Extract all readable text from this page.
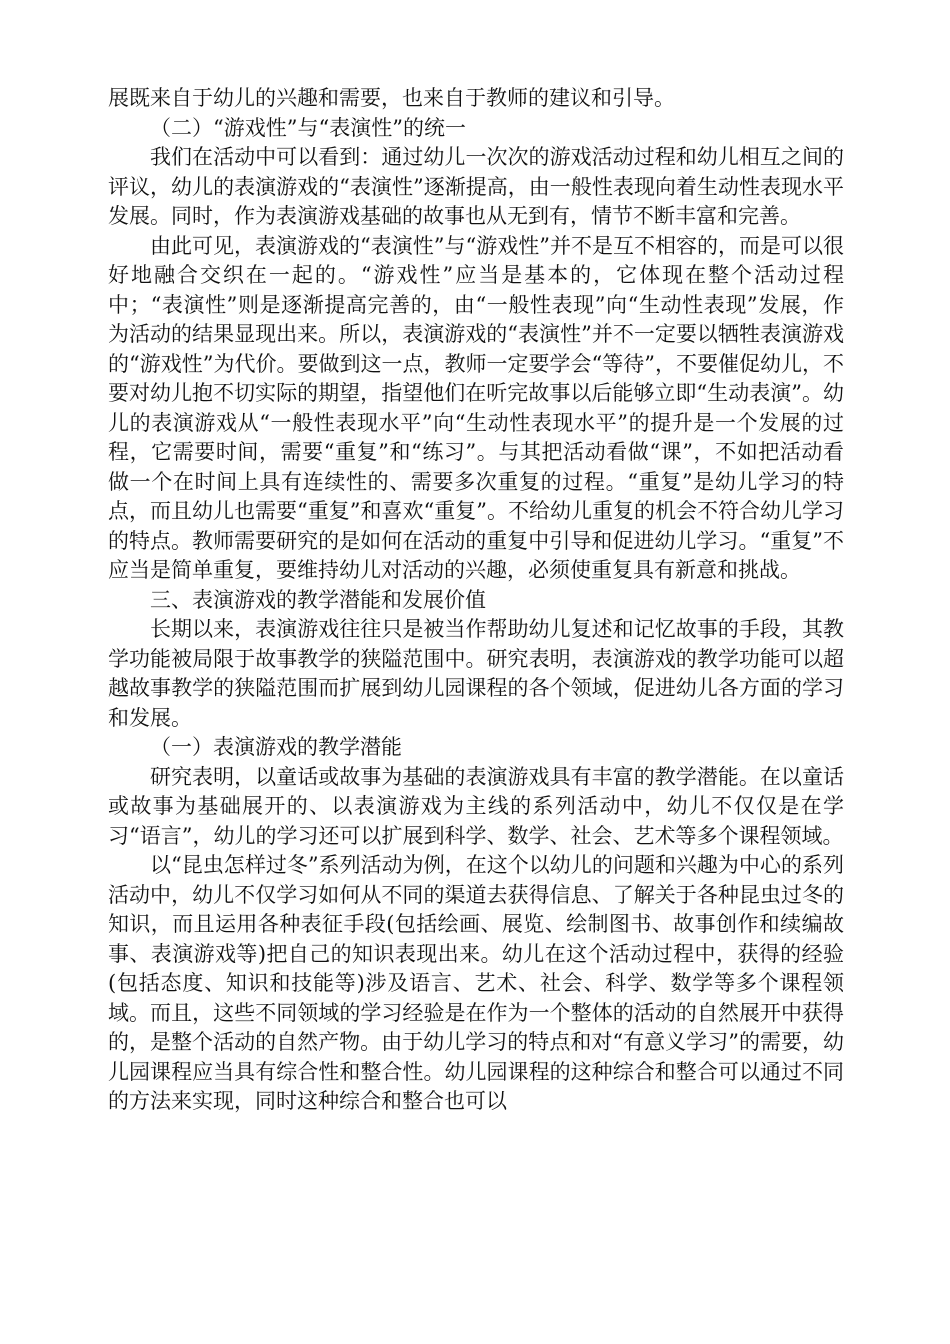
展既来自于幼儿的兴趣和需要，也来自于教师的建议和引导。

（二）“游戏性”与“表演性”的统一

我们在活动中可以看到：通过幼儿一次次的游戏活动过程和幼儿相互之间的评议，幼儿的表演游戏的“表演性”逐渐提高，由一般性表现向着生动性表现水平发展。同时，作为表演游戏基础的故事也从无到有，情节不断丰富和完善。

由此可见，表演游戏的“表演性”与“游戏性”并不是互不相容的，而是可以很好地融合交织在一起的。“游戏性”应当是基本的，它体现在整个活动过程中；“表演性”则是逐渐提高完善的，由“一般性表现”向“生动性表现”发展，作为活动的结果显现出来。所以，表演游戏的“表演性”并不一定要以牺牲表演游戏的“游戏性”为代价。要做到这一点，教师一定要学会“等待”，不要催促幼儿，不要对幼儿抱不切实际的期望，指望他们在听完故事以后能够立即“生动表演”。幼儿的表演游戏从“一般性表现水平”向“生动性表现水平”的提升是一个发展的过程，它需要时间，需要“重复”和“练习”。与其把活动看做“课”，不如把活动看做一个在时间上具有连续性的、需要多次重复的过程。“重复”是幼儿学习的特点，而且幼儿也需要“重复”和喜欢“重复”。不给幼儿重复的机会不符合幼儿学习的特点。教师需要研究的是如何在活动的重复中引导和促进幼儿学习。“重复”不应当是简单重复，要维持幼儿对活动的兴趣，必须使重复具有新意和挑战。

三、表演游戏的教学潜能和发展价值

长期以来，表演游戏往往只是被当作帮助幼儿复述和记忆故事的手段，其教学功能被局限于故事教学的狭隘范围中。研究表明，表演游戏的教学功能可以超越故事教学的狭隘范围而扩展到幼儿园课程的各个领域，促进幼儿各方面的学习和发展。

（一）表演游戏的教学潜能

研究表明，以童话或故事为基础的表演游戏具有丰富的教学潜能。在以童话或故事为基础展开的、以表演游戏为主线的系列活动中，幼儿不仅仅是在学习“语言”，幼儿的学习还可以扩展到科学、数学、社会、艺术等多个课程领域。

以“昆虫怎样过冬”系列活动为例，在这个以幼儿的问题和兴趣为中心的系列活动中，幼儿不仅学习如何从不同的渠道去获得信息、了解关于各种昆虫过冬的知识，而且运用各种表征手段(包括绘画、展览、绘制图书、故事创作和续编故事、表演游戏等)把自己的知识表现出来。幼儿在这个活动过程中，获得的经验(包括态度、知识和技能等)涉及语言、艺术、社会、科学、数学等多个课程领域。而且，这些不同领域的学习经验是在作为一个整体的活动的自然展开中获得的，是整个活动的自然产物。由于幼儿学习的特点和对“有意义学习”的需要，幼儿园课程应当具有综合性和整合性。幼儿园课程的这种综合和整合可以通过不同的方法来实现，同时这种综合和整合也可以
